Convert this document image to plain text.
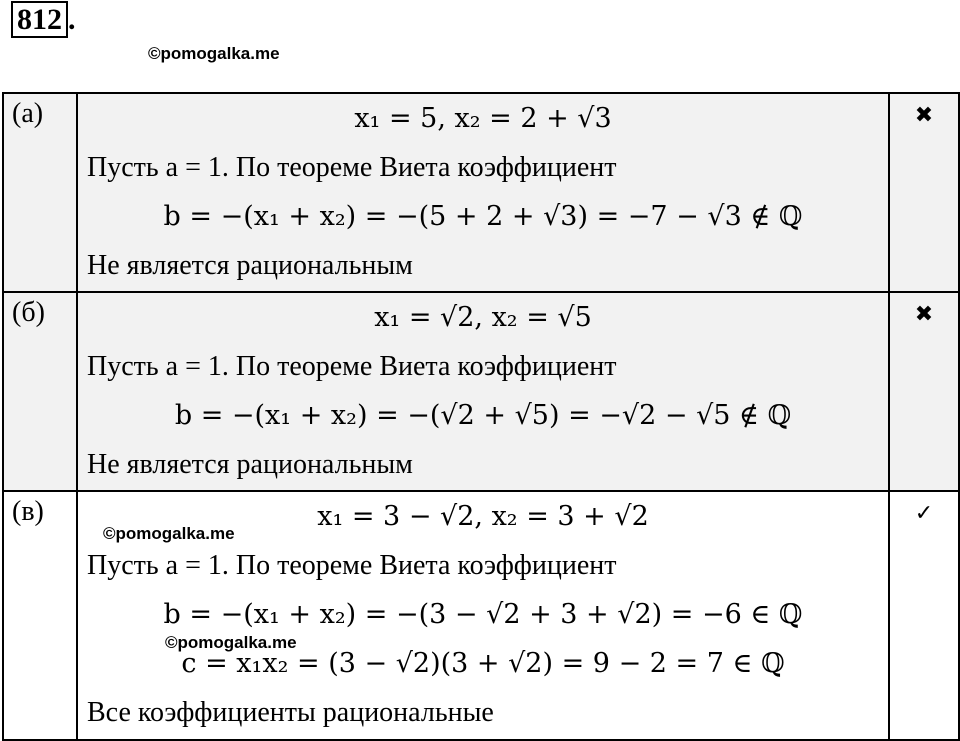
812 .
©pomogalka.me
(а)	x₁ = 5, x₂ = 2 + √3
Пусть a = 1. По теореме Виета коэффициент
b = −(x₁ + x₂) = −(5 + 2 + √3) = −7 − √3 ∉ ℚ
Не является рациональным	✖
(б)	x₁ = √2, x₂ = √5
Пусть a = 1. По теореме Виета коэффициент
b = −(x₁ + x₂) = −(√2 + √5) = −√2 − √5 ∉ ℚ
Не является рациональным	✖
(в)	x₁ = 3 − √2, x₂ = 3 + √2
Пусть a = 1. По теореме Виета коэффициент
b = −(x₁ + x₂) = −(3 − √2 + 3 + √2) = −6 ∈ ℚ
c = x₁x₂ = (3 − √2)(3 + √2) = 9 − 2 = 7 ∈ ℚ
Все коэффициенты рациональные	✓
©pomogalka.me
©pomogalka.me
